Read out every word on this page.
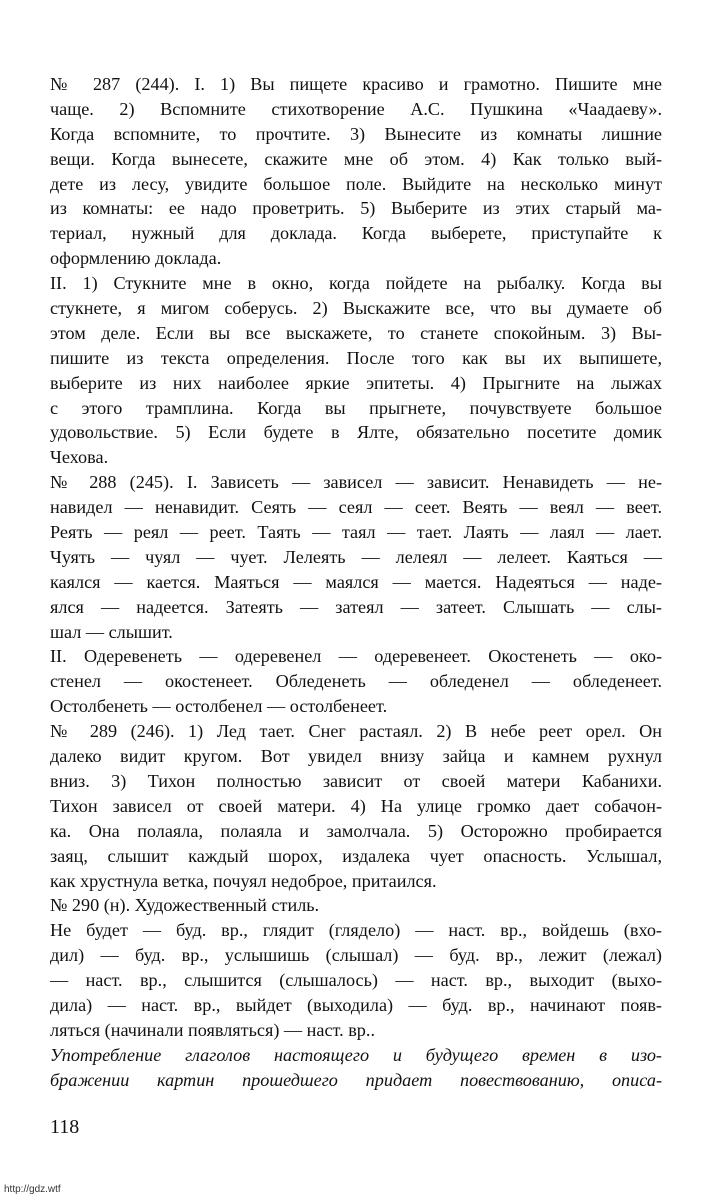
№ 287 (244). I. 1) Вы пищете красиво и грамотно. Пишите мне
чаще. 2) Вспомните стихотворение А.С. Пушкина «Чаадаеву».
Когда вспомните, то прочтите. 3) Вынесите из комнаты лишние
вещи. Когда вынесете, скажите мне об этом. 4) Как только вый-
дете из лесу, увидите большое поле. Выйдите на несколько минут
из комнаты: ее надо проветрить. 5) Выберите из этих старый ма-
териал, нужный для доклада. Когда выберете, приступайте к
оформлению доклада.
II. 1) Стукните мне в окно, когда пойдете на рыбалку. Когда вы
стукнете, я мигом соберусь. 2) Выскажите все, что вы думаете об
этом деле. Если вы все выскажете, то станете спокойным. 3) Вы-
пишите из текста определения. После того как вы их выпишете,
выберите из них наиболее яркие эпитеты. 4) Прыгните на лыжах
с этого трамплина. Когда вы прыгнете, почувствуете большое
удовольствие. 5) Если будете в Ялте, обязательно посетите домик
Чехова.
№ 288 (245). I. Зависеть — зависел — зависит. Ненавидеть — не-
навидел — ненавидит. Сеять — сеял — сеет. Веять — веял — веет.
Реять — реял — реет. Таять — таял — тает. Лаять — лаял — лает.
Чуять — чуял — чует. Лелеять — лелеял — лелеет. Каяться —
каялся — кается. Маяться — маялся — мается. Надеяться — наде-
ялся — надеется. Затеять — затеял — затеет. Слышать — слы-
шал — слышит.
II. Одеревенеть — одеревенел — одеревенеет. Окостенеть — око-
стенел — окостенеет. Обледенеть — обледенел — обледенеет.
Остолбенеть — остолбенел — остолбенеет.
№ 289 (246). 1) Лед тает. Снег растаял. 2) В небе реет орел. Он
далеко видит кругом. Вот увидел внизу зайца и камнем рухнул
вниз. 3) Тихон полностью зависит от своей матери Кабанихи.
Тихон зависел от своей матери. 4) На улице громко дает собачон-
ка. Она полаяла, полаяла и замолчала. 5) Осторожно пробирается
заяц, слышит каждый шорох, издалека чует опасность. Услышал,
как хрустнула ветка, почуял недоброе, притаился.
№ 290 (н). Художественный стиль.
Не будет — буд. вр., глядит (глядело) — наст. вр., войдешь (вхо-
дил) — буд. вр., услышишь (слышал) — буд. вр., лежит (лежал)
— наст. вр., слышится (слышалось) — наст. вр., выходит (выхо-
дила) — наст. вр., выйдет (выходила) — буд. вр., начинают появ-
ляться (начинали появляться) — наст. вр..
Употребление глаголов настоящего и будущего времен в изо-
бражении картин прошедшего придает повествованию, описа-
118
http://gdz.wtf
